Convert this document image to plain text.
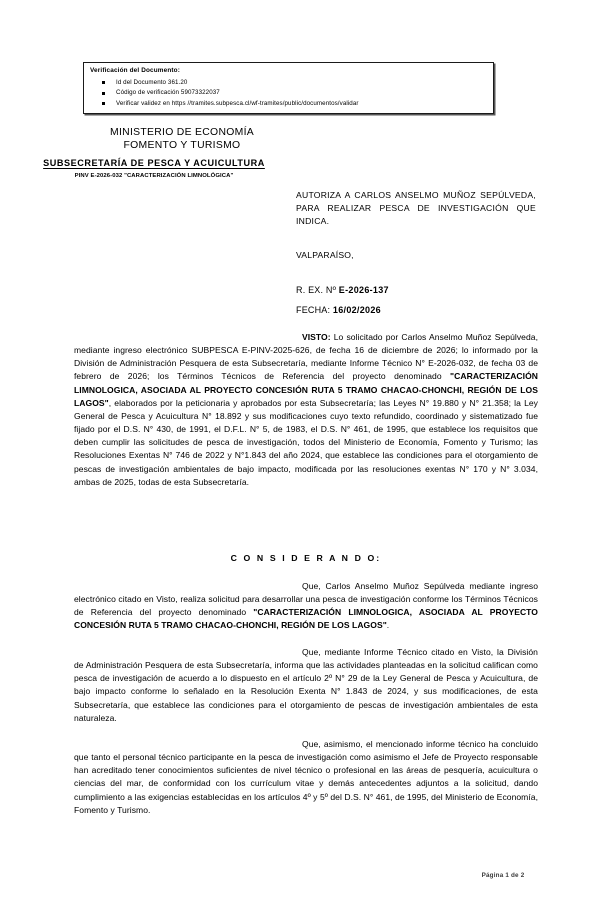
Verificación del Documento:
Id del Documento 361.20
Código de verificación 59073322037
Verificar validez en https //tramites.subpesca.cl/wf-tramites/public/documentos/validar
MINISTERIO DE ECONOMÍA
FOMENTO Y TURISMO
SUBSECRETARÍA DE PESCA Y ACUICULTURA
PINV E-2026-032 "CARACTERIZACIÓN LIMNOLÓGICA"
AUTORIZA A CARLOS ANSELMO MUÑOZ SEPÚLVEDA, PARA REALIZAR PESCA DE INVESTIGACIÓN QUE INDICA.
VALPARAÍSO,
R. EX. Nº E-2026-137
FECHA: 16/02/2026

VISTO: Lo solicitado por Carlos Anselmo Muñoz Sepúlveda, mediante ingreso electrónico SUBPESCA E-PINV-2025-626, de fecha 16 de diciembre de 2026; lo informado por la División de Administración Pesquera de esta Subsecretaría, mediante Informe Técnico N° E-2026-032, de fecha 03 de febrero de 2026; los Términos Técnicos de Referencia del proyecto denominado "CARACTERIZACIÓN LIMNOLOGICA, ASOCIADA AL PROYECTO CONCESIÓN RUTA 5 TRAMO CHACAO-CHONCHI, REGIÓN DE LOS LAGOS", elaborados por la peticionaria y aprobados por esta Subsecretaría; las Leyes N° 19.880 y N° 21.358; la Ley General de Pesca y Acuicultura N° 18.892 y sus modificaciones cuyo texto refundido, coordinado y sistematizado fue fijado por el D.S. N° 430, de 1991, el D.F.L. N° 5, de 1983, el D.S. N° 461, de 1995, que establece los requisitos que deben cumplir las solicitudes de pesca de investigación, todos del Ministerio de Economía, Fomento y Turismo; las Resoluciones Exentas N° 746 de 2022 y N°1.843 del año 2024, que establece las condiciones para el otorgamiento de pescas de investigación ambientales de bajo impacto, modificada por las resoluciones exentas N° 170 y N° 3.034, ambas de 2025, todas de esta Subsecretaría.

C O N S I D E R A N D O:

Que, Carlos Anselmo Muñoz Sepúlveda mediante ingreso electrónico citado en Visto, realiza solicitud para desarrollar una pesca de investigación conforme los Términos Técnicos de Referencia del proyecto denominado "CARACTERIZACIÓN LIMNOLOGICA, ASOCIADA AL PROYECTO CONCESIÓN RUTA 5 TRAMO CHACAO-CHONCHI, REGIÓN DE LOS LAGOS".

Que, mediante Informe Técnico citado en Visto, la División de Administración Pesquera de esta Subsecretaría, informa que las actividades planteadas en la solicitud califican como pesca de investigación de acuerdo a lo dispuesto en el artículo 2º N° 29 de la Ley General de Pesca y Acuicultura, de bajo impacto conforme lo señalado en la Resolución Exenta N° 1.843 de 2024, y sus modificaciones, de esta Subsecretaría, que establece las condiciones para el otorgamiento de pescas de investigación ambientales de esta naturaleza.

Que, asimismo, el mencionado informe técnico ha concluido que tanto el personal técnico participante en la pesca de investigación como asimismo el Jefe de Proyecto responsable han acreditado tener conocimientos suficientes de nivel técnico o profesional en las áreas de pesquería, acuicultura o ciencias del mar, de conformidad con los currículum vitae y demás antecedentes adjuntos a la solicitud, dando cumplimiento a las exigencias establecidas en los artículos 4º y 5º del D.S. N° 461, de 1995, del Ministerio de Economía, Fomento y Turismo.

Página 1 de 2
